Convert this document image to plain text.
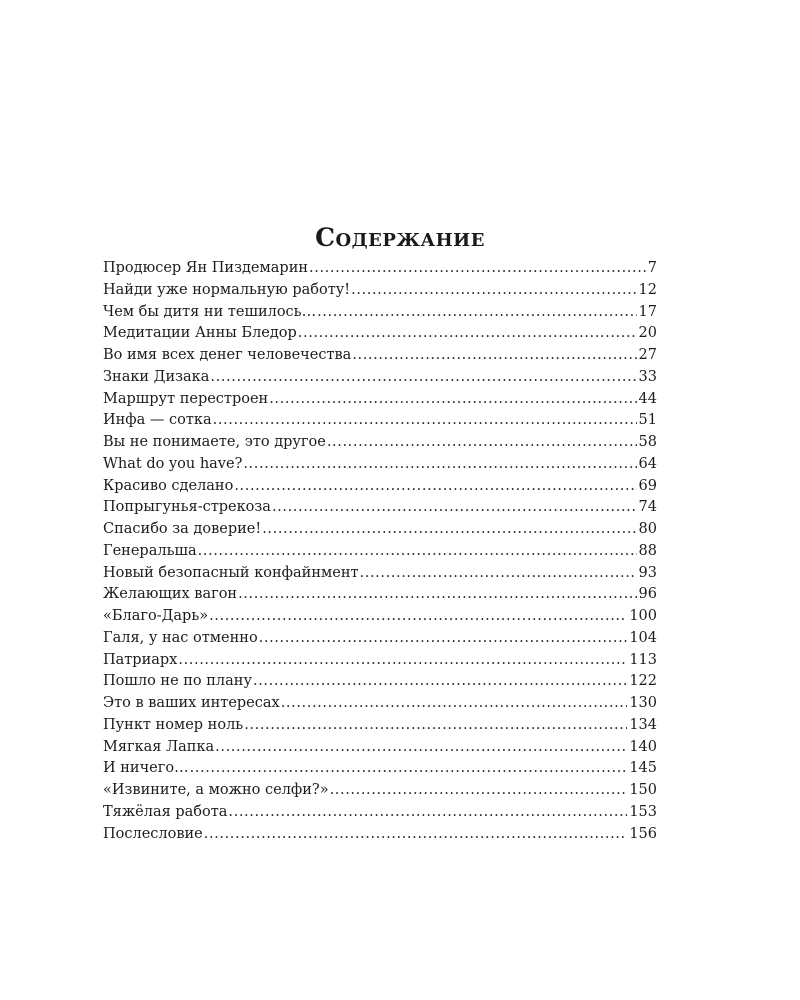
Содержание
Продюсер Ян Пиздемарин .....	7
Найди уже нормальную работу! .....	12
Чем бы дитя ни тешилось… .....	17
Медитации Анны Бледор .....	20
Во имя всех денег человечества .....	27
Знаки Дизака .....	33
Маршрут перестроен .....	44
Инфа — сотка .....	51
Вы не понимаете, это другое .....	58
What do you have? .....	64
Красиво сделано .....	69
Попрыгунья-стрекоза .....	74
Спасибо за доверие! .....	80
Генеральша .....	88
Новый безопасный конфайнмент .....	93
Желающих вагон .....	96
«Благо-Дарь» .....	100
Галя, у нас отменно .....	104
Патриарх .....	113
Пошло не по плану .....	122
Это в ваших интересах .....	130
Пункт номер ноль .....	134
Мягкая Лапка .....	140
И ничего… .....	145
«Извините, а можно селфи?» .....	150
Тяжёлая работа .....	153
Послесловие .....	156
